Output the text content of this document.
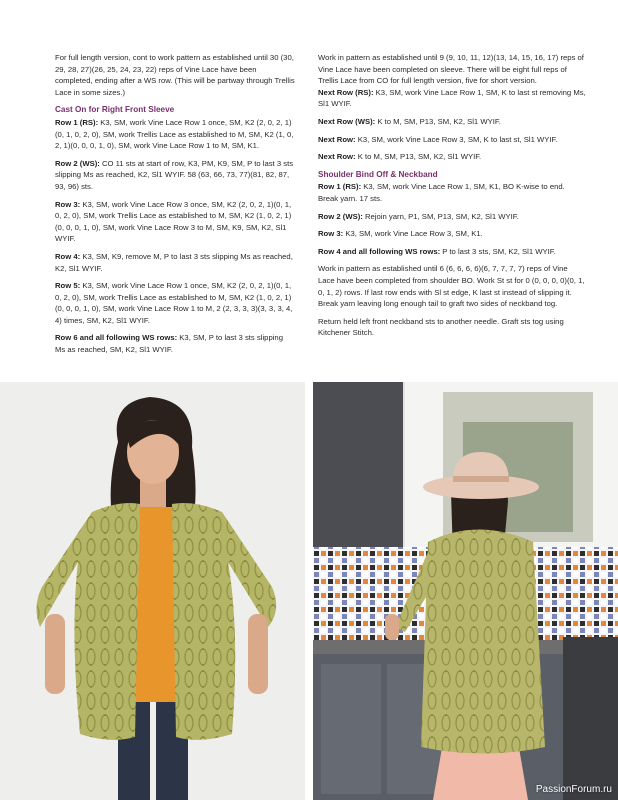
For full length version, cont to work pattern as established until 30 (30, 29, 28, 27)(26, 25, 24, 23, 22) reps of Vine Lace have been completed, ending after a WS row. (This will be partway through Trellis Lace in some sizes.)

Cast On for Right Front Sleeve

Row 1 (RS): K3, SM, work Vine Lace Row 1 once, SM, K2 (2, 0, 2, 1)(0, 1, 0, 2, 0), SM, work Trellis Lace as established to M, SM, K2 (1, 0, 2, 1)(0, 0, 0, 1, 0), SM, work Vine Lace Row 1 to M, SM, K1.

Row 2 (WS): CO 11 sts at start of row, K3, PM, K9, SM, P to last 3 sts slipping Ms as reached, K2, Sl1 WYIF. 58 (63, 66, 73, 77)(81, 82, 87, 93, 96) sts.

Row 3: K3, SM, work Vine Lace Row 3 once, SM, K2 (2, 0, 2, 1)(0, 1, 0, 2, 0), SM, work Trellis Lace as established to M, SM, K2 (1, 0, 2, 1)(0, 0, 0, 1, 0), SM, work Vine Lace Row 3 to M, SM, K9, SM, K2, Sl1 WYIF.

Row 4: K3, SM, K9, remove M, P to last 3 sts slipping Ms as reached, K2, Sl1 WYIF.

Row 5: K3, SM, work Vine Lace Row 1 once, SM, K2 (2, 0, 2, 1)(0, 1, 0, 2, 0), SM, work Trellis Lace as established to M, SM, K2 (1, 0, 2, 1)(0, 0, 0, 1, 0), SM, work Vine Lace Row 1 to M, 2 (2, 3, 3, 3)(3, 3, 3, 4, 4) times, SM, K2, Sl1 WYIF.

Row 6 and all following WS rows: K3, SM, P to last 3 sts slipping Ms as reached, SM, K2, Sl1 WYIF.

Work in pattern as established until 9 (9, 10, 11, 12)(13, 14, 15, 16, 17) reps of Vine Lace have been completed on sleeve. There will be eight full reps of Trellis Lace from CO for full length version, five for short version.

Next Row (RS): K3, SM, work Vine Lace Row 1, SM, K to last st removing Ms, Sl1 WYIF.

Next Row (WS): K to M, SM, P13, SM, K2, Sl1 WYIF.

Next Row: K3, SM, work Vine Lace Row 3, SM, K to last st, Sl1 WYIF.

Next Row: K to M, SM, P13, SM, K2, Sl1 WYIF.

Shoulder Bind Off & Neckband

Row 1 (RS): K3, SM, work Vine Lace Row 1, SM, K1, BO K-wise to end. Break yarn. 17 sts.

Row 2 (WS): Rejoin yarn, P1, SM, P13, SM, K2, Sl1 WYIF.

Row 3: K3, SM, work Vine Lace Row 3, SM, K1.

Row 4 and all following WS rows: P to last 3 sts, SM, K2, Sl1 WYIF.

Work in pattern as established until 6 (6, 6, 6, 6)(6, 7, 7, 7, 7) reps of Vine Lace have been completed from shoulder BO. Work St st for 0 (0, 0, 0, 0)(0, 1, 0, 1, 2) rows. If last row ends with Sl st edge, K last st instead of slipping it. Break yarn leaving long enough tail to graft two sides of neckband tog.

Return held left front neckband sts to another needle. Graft sts tog using Kitchener Stitch.

PassionForum.ru
